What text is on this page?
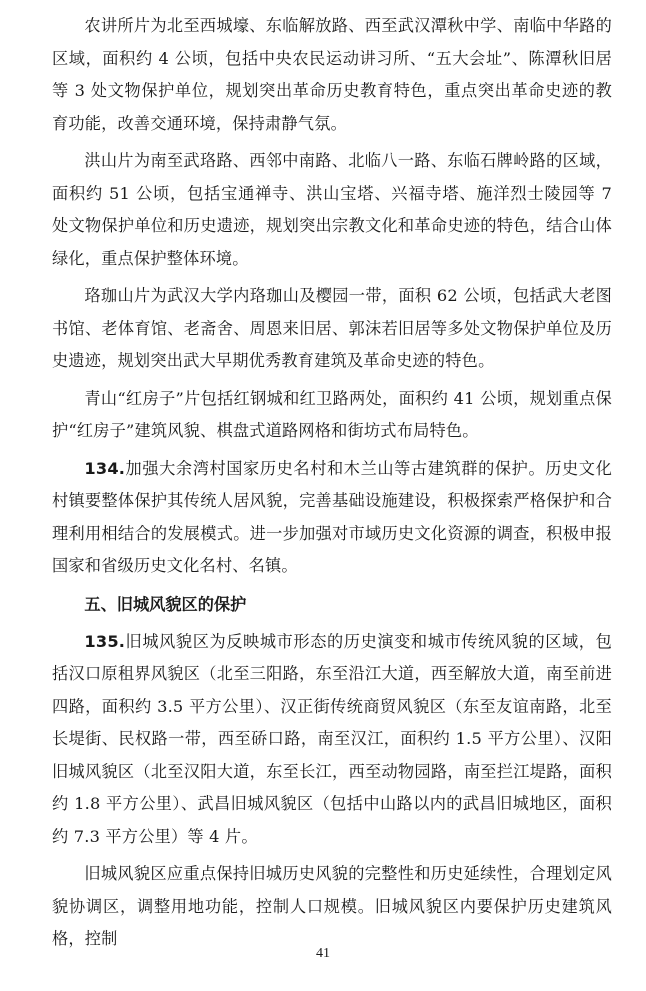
农讲所片为北至西城壕、东临解放路、西至武汉潭秋中学、南临中华路的区域，面积约 4 公顷，包括中央农民运动讲习所、“五大会址”、陈潭秋旧居等 3 处文物保护单位，规划突出革命历史教育特色，重点突出革命史迹的教育功能，改善交通环境，保持肃静气氛。

洪山片为南至武珞路、西邻中南路、北临八一路、东临石牌岭路的区域，面积约 51 公顷，包括宝通禅寺、洪山宝塔、兴福寺塔、施洋烈士陵园等 7 处文物保护单位和历史遗迹，规划突出宗教文化和革命史迹的特色，结合山体绿化，重点保护整体环境。

珞珈山片为武汉大学内珞珈山及樱园一带，面积 62 公顷，包括武大老图书馆、老体育馆、老斋舍、周恩来旧居、郭沫若旧居等多处文物保护单位及历史遗迹，规划突出武大早期优秀教育建筑及革命史迹的特色。

青山“红房子”片包括红钢城和红卫路两处，面积约 41 公顷，规划重点保护“红房子”建筑风貌、棋盘式道路网格和街坊式布局特色。

134.加强大余湾村国家历史名村和木兰山等古建筑群的保护。历史文化村镇要整体保护其传统人居风貌，完善基础设施建设，积极探索严格保护和合理利用相结合的发展模式。进一步加强对市域历史文化资源的调查，积极申报国家和省级历史文化名村、名镇。

五、旧城风貌区的保护

135.旧城风貌区为反映城市形态的历史演变和城市传统风貌的区域，包括汉口原租界风貌区（北至三阳路，东至沿江大道，西至解放大道，南至前进四路，面积约 3.5 平方公里）、汉正街传统商贸风貌区（东至友谊南路，北至长堤街、民权路一带，西至硚口路，南至汉江，面积约 1.5 平方公里）、汉阳旧城风貌区（北至汉阳大道，东至长江，西至动物园路，南至拦江堤路，面积约 1.8 平方公里）、武昌旧城风貌区（包括中山路以内的武昌旧城地区，面积约 7.3 平方公里）等 4 片。

旧城风貌区应重点保持旧城历史风貌的完整性和历史延续性，合理划定风貌协调区，调整用地功能，控制人口规模。旧城风貌区内要保护历史建筑风格，控制

41
